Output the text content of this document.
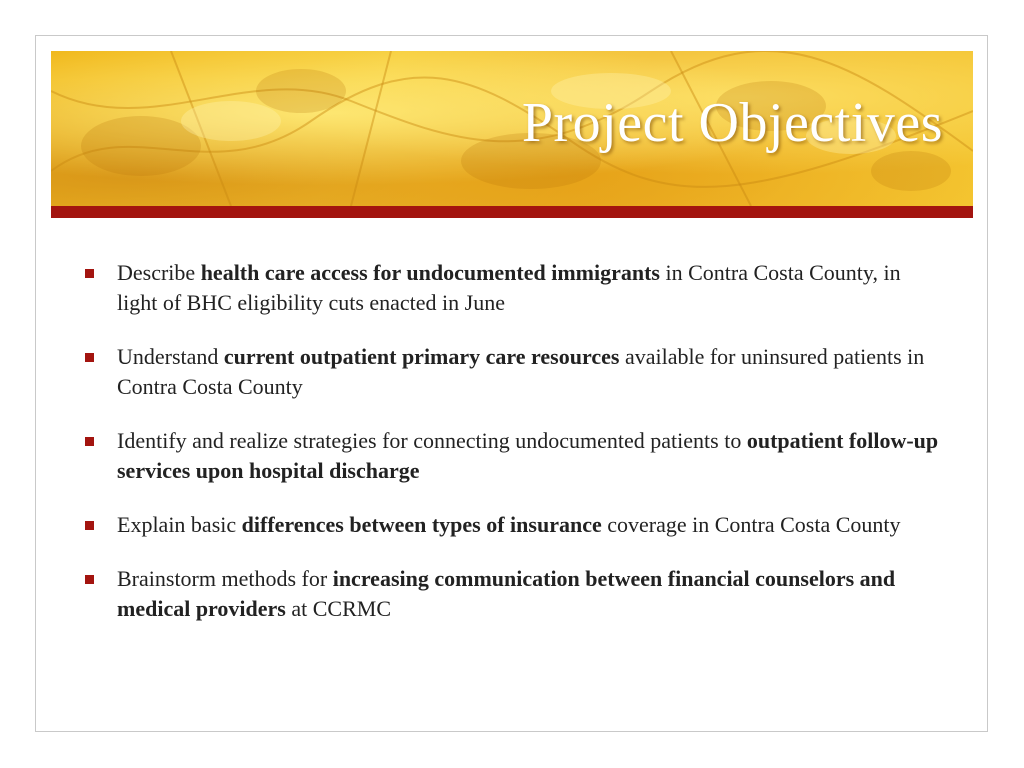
Project Objectives
Describe health care access for undocumented immigrants in Contra Costa County, in light of BHC eligibility cuts enacted in June
Understand current outpatient primary care resources available for uninsured patients in Contra Costa County
Identify and realize strategies for connecting undocumented patients to outpatient follow-up services upon hospital discharge
Explain basic differences between types of insurance coverage in Contra Costa County
Brainstorm methods for increasing communication between financial counselors and medical providers at CCRMC
